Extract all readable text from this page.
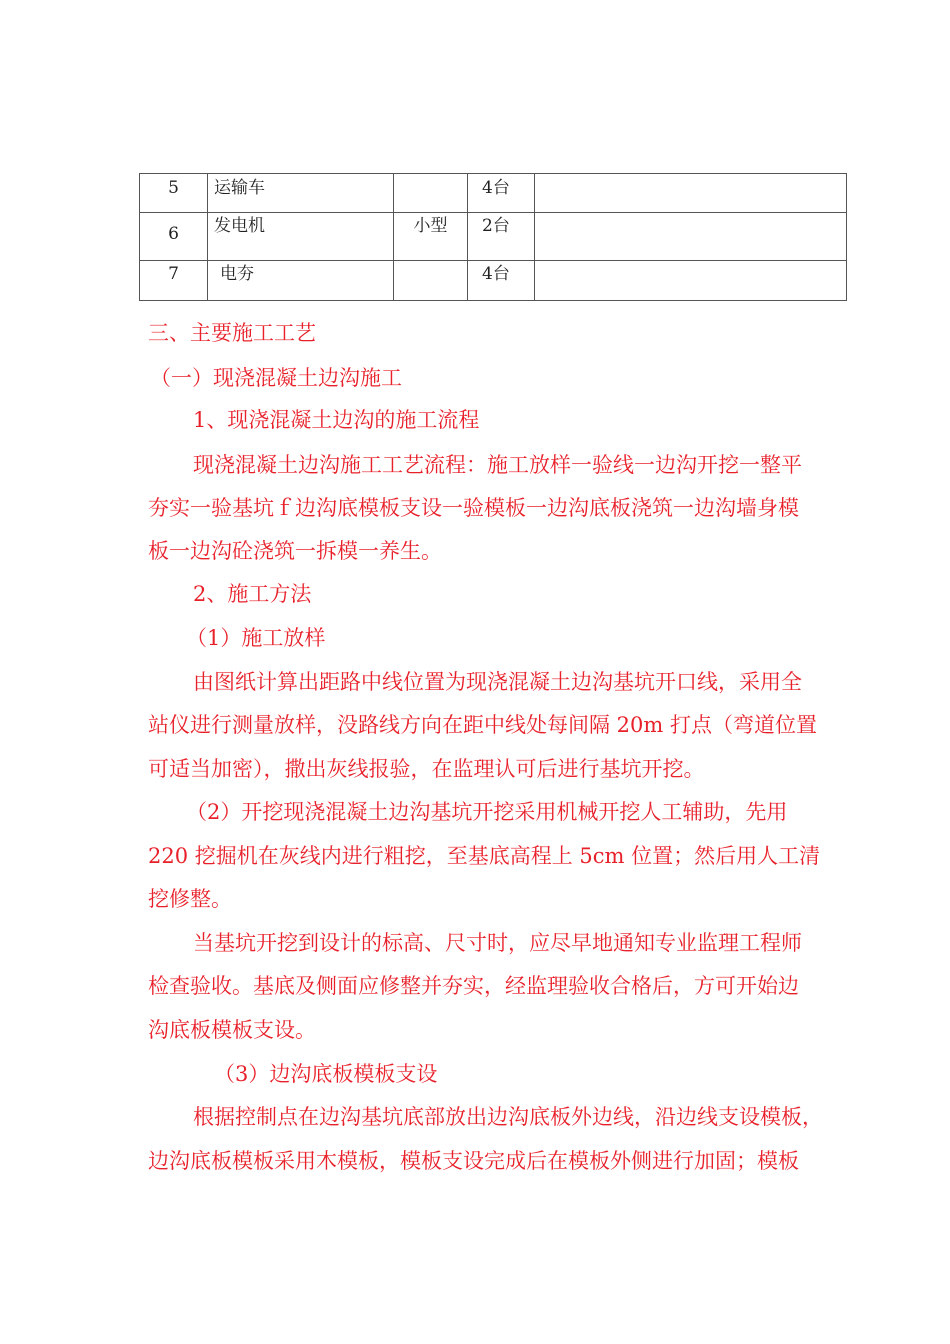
5	运输车		4台	
6	发电机	小型	2台	
7	电夯		4台	

三、主要施工工艺

（一）现浇混凝土边沟施工

1、现浇混凝土边沟的施工流程

现浇混凝土边沟施工工艺流程：施工放样一验线一边沟开挖一整平

夯实一验基坑ｆ边沟底模板支设一验模板一边沟底板浇筑一边沟墙身模

板一边沟砼浇筑一拆模一养生。

2、施工方法

（1）施工放样

由图纸计算出距路中线位置为现浇混凝土边沟基坑开口线，采用全

站仪进行测量放样，没路线方向在距中线处每间隔 20m 打点（弯道位置

可适当加密），撒出灰线报验，在监理认可后进行基坑开挖。

（2）开挖现浇混凝土边沟基坑开挖采用机械开挖人工辅助，先用

220 挖掘机在灰线内进行粗挖，至基底高程上 5cm 位置；然后用人工清

挖修整。

当基坑开挖到设计的标高、尺寸时，应尽早地通知专业监理工程师

检查验收。基底及侧面应修整并夯实，经监理验收合格后，方可开始边

沟底板模板支设。

（3）边沟底板模板支设

根据控制点在边沟基坑底部放出边沟底板外边线，沿边线支设模板，

边沟底板模板采用木模板，模板支设完成后在模板外侧进行加固；模板
